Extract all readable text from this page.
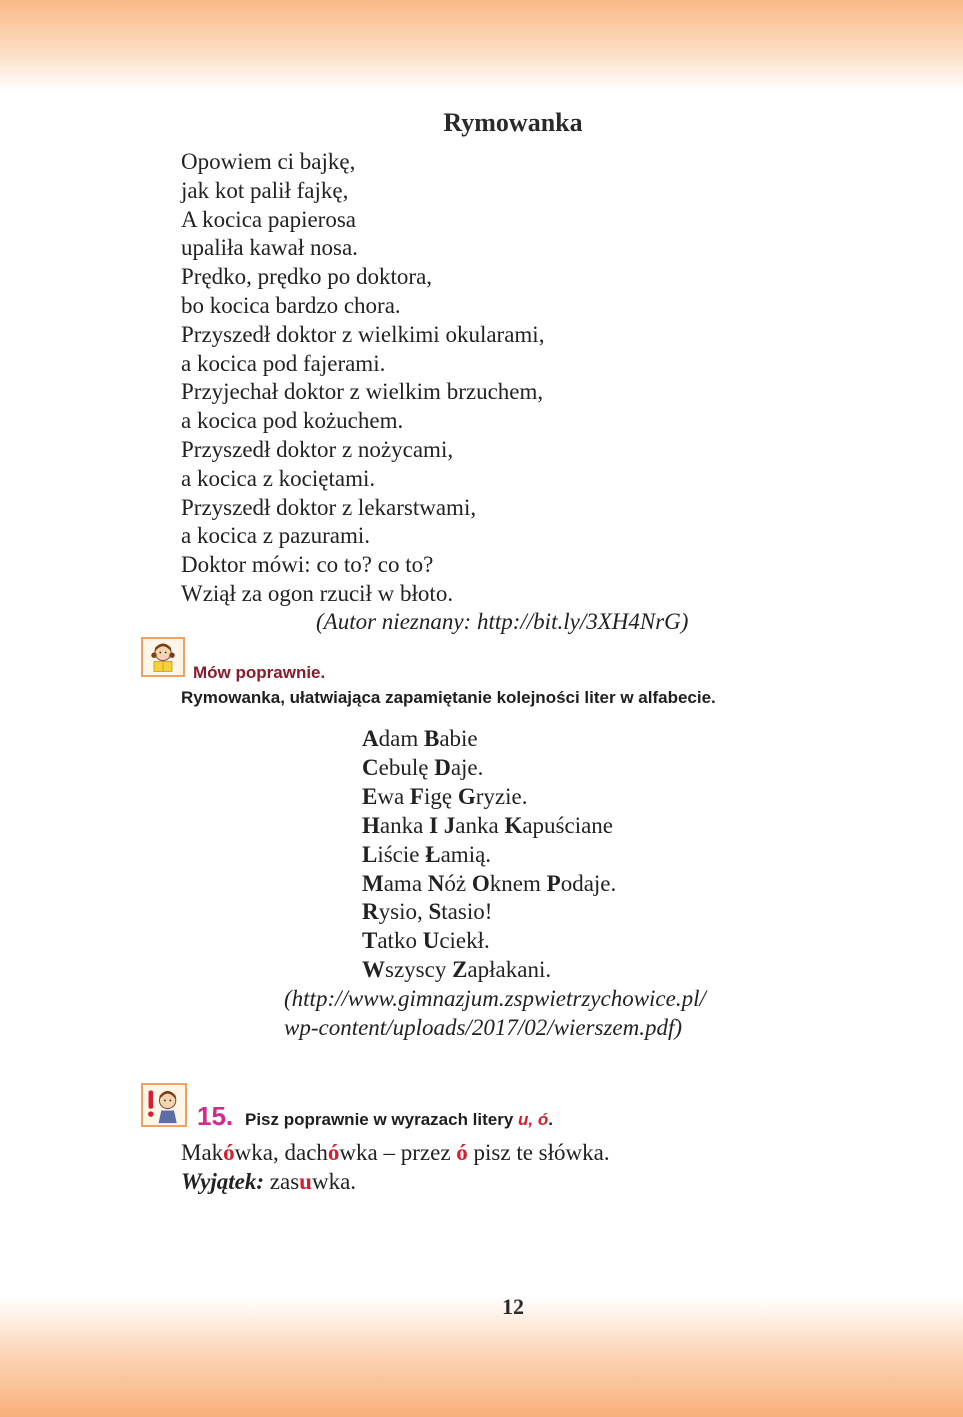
Rymowanka
Opowiem ci bajkę,
jak kot palił fajkę,
A kocica papierosa
upaliła kawał nosa.
Prędko, prędko po doktora,
bo kocica bardzo chora.
Przyszedł doktor z wielkimi okularami,
a kocica pod fajerami.
Przyjechał doktor z wielkim brzuchem,
a kocica pod kożuchem.
Przyszedł doktor z nożycami,
a kocica z kociętami.
Przyszedł doktor z lekarstwami,
a kocica z pazurami.
Doktor mówi: co to? co to?
Wziął za ogon rzucił w błoto.
(Autor nieznany: http://bit.ly/3XH4NrG)
Mów poprawnie.
Rymowanka, ułatwiająca zapamiętanie kolejności liter w alfabecie.
Adam Babie
Cebulę Daje.
Ewa Figę Gryzie.
Hanka I Janka Kapuściane
Liście Łamią.
Mama Nóż Oknem Podaje.
Rysio, Stasio!
Tatko Uciekł.
Wszyscy Zapłakani.
(http://www.gimnazjum.zspwietrzychowice.pl/
wp-content/uploads/2017/02/wierszem.pdf)
15. Pisz poprawnie w wyrazach litery u, ó.
Makówka, dachówka – przez ó pisz te słówka.
Wyjątek: zasuwka.
12
